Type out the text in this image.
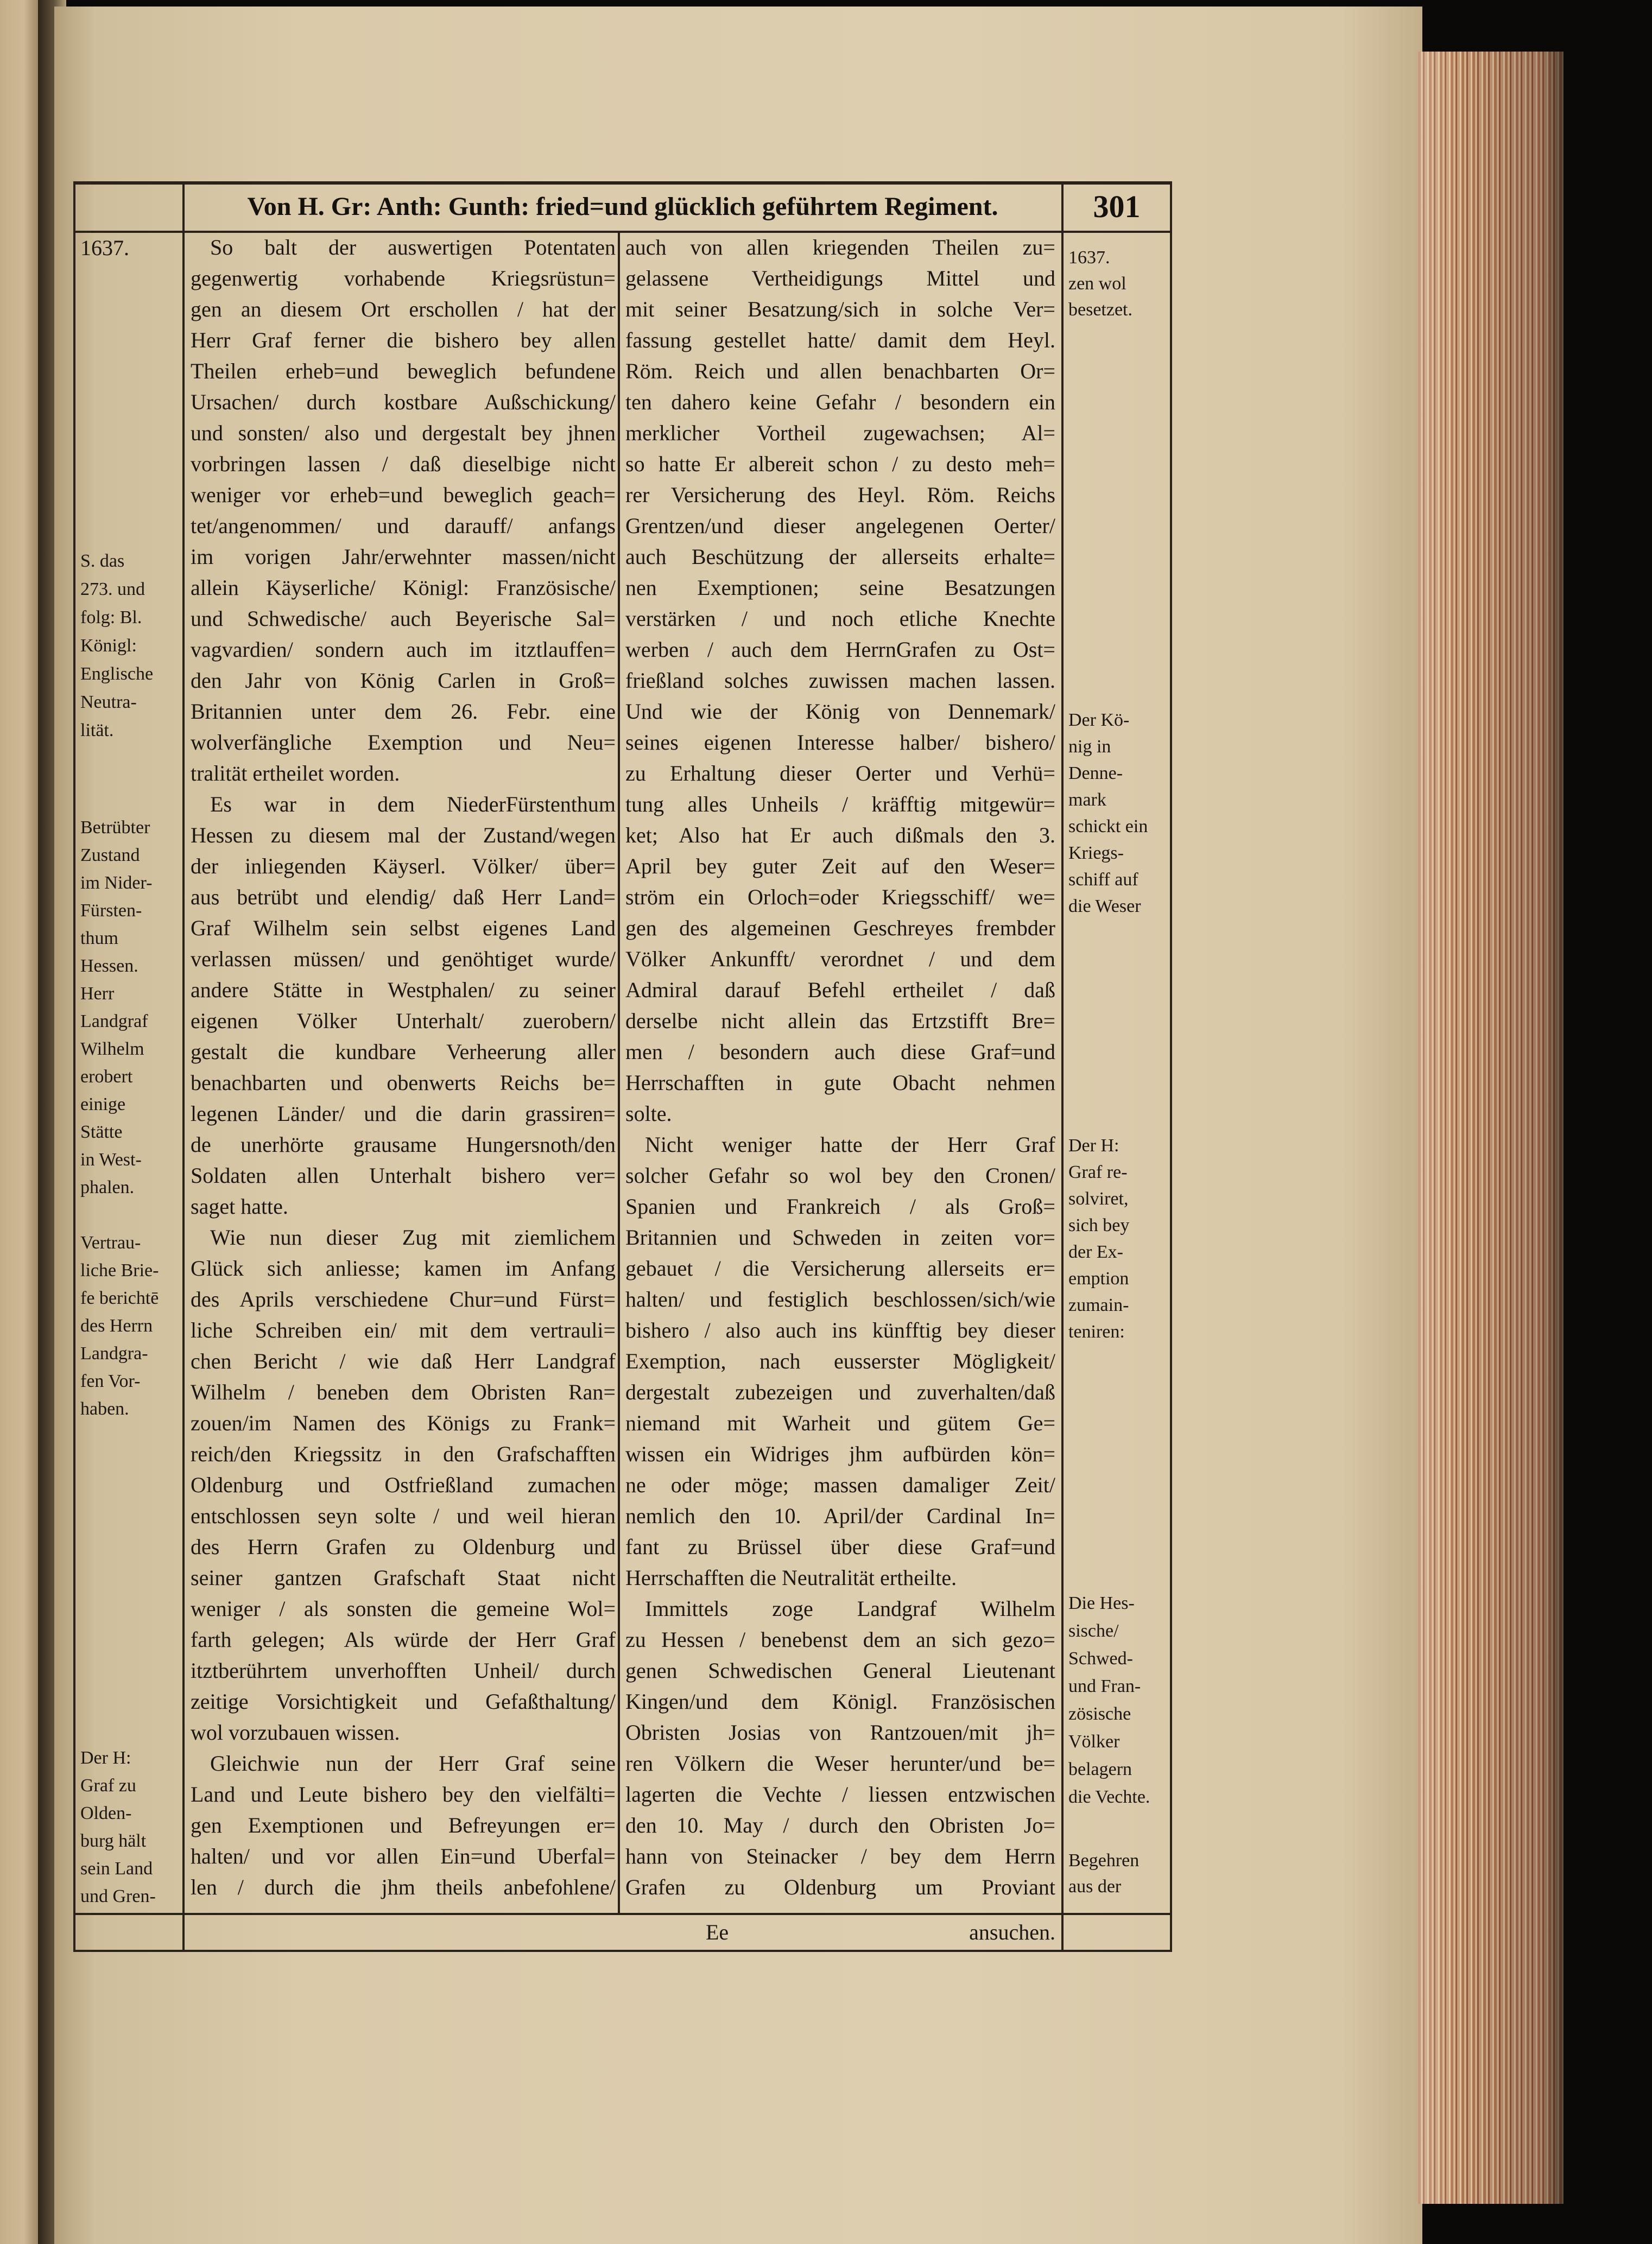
Von H. Gr: Anth: Gunth: fried=und glücklich geführtem Regiment.	301
So balt der auswertigen Potentaten
gegenwertig vorhabende Kriegsrüstun=
gen an diesem Ort erschollen / hat der
Herr Graf ferner die bishero bey allen
Theilen erheb=und beweglich befundene
Ursachen/ durch kostbare Außschickung/
und sonsten/ also und dergestalt bey jhnen
vorbringen lassen / daß dieselbige nicht
weniger vor erheb=und beweglich geach=
tet/angenommen/ und darauff/ anfangs
im vorigen Jahr/erwehnter massen/nicht
allein Käyserliche/ Königl: Französische/
und Schwedische/ auch Beyerische Sal=
vagvardien/ sondern auch im itztlauffen=
den Jahr von König Carlen in Groß=
Britannien unter dem 26. Febr. eine
wolverfängliche Exemption und Neu=
tralität ertheilet worden.
Es war in dem NiederFürstenthum
Hessen zu diesem mal der Zustand/wegen
der inliegenden Käyserl. Völker/ über=
aus betrübt und elendig/ daß Herr Land=
Graf Wilhelm sein selbst eigenes Land
verlassen müssen/ und genöhtiget wurde/
andere Stätte in Westphalen/ zu seiner
eigenen Völker Unterhalt/ zuerobern/
gestalt die kundbare Verheerung aller
benachbarten und obenwerts Reichs be=
legenen Länder/ und die darin grassiren=
de unerhörte grausame Hungersnoth/den
Soldaten allen Unterhalt bishero ver=
saget hatte.
Wie nun dieser Zug mit ziemlichem
Glück sich anliesse; kamen im Anfang
des Aprils verschiedene Chur=und Fürst=
liche Schreiben ein/ mit dem vertrauli=
chen Bericht / wie daß Herr Landgraf
Wilhelm / beneben dem Obristen Ran=
zouen/im Namen des Königs zu Frank=
reich/den Kriegssitz in den Grafschafften
Oldenburg und Ostfrießland zumachen
entschlossen seyn solte / und weil hieran
des Herrn Grafen zu Oldenburg und
seiner gantzen Grafschaft Staat nicht
weniger / als sonsten die gemeine Wol=
farth gelegen; Als würde der Herr Graf
itztberührtem unverhofften Unheil/ durch
zeitige Vorsichtigkeit und Gefaßthaltung/
wol vorzubauen wissen.
Gleichwie nun der Herr Graf seine
Land und Leute bishero bey den vielfälti=
gen Exemptionen und Befreyungen er=
halten/ und vor allen Ein=und Uberfal=
len / durch die jhm theils anbefohlene/
auch von allen kriegenden Theilen zu=
gelassene Vertheidigungs Mittel und
mit seiner Besatzung/sich in solche Ver=
fassung gestellet hatte/ damit dem Heyl.
Röm. Reich und allen benachbarten Or=
ten dahero keine Gefahr / besondern ein
merklicher Vortheil zugewachsen; Al=
so hatte Er albereit schon / zu desto meh=
rer Versicherung des Heyl. Röm. Reichs
Grentzen/und dieser angelegenen Oerter/
auch Beschützung der allerseits erhalte=
nen Exemptionen; seine Besatzungen
verstärken / und noch etliche Knechte
werben / auch dem HerrnGrafen zu Ost=
frießland solches zuwissen machen lassen.
Und wie der König von Dennemark/
seines eigenen Interesse halber/ bishero/
zu Erhaltung dieser Oerter und Verhü=
tung alles Unheils / kräfftig mitgewür=
ket; Also hat Er auch dißmals den 3.
April bey guter Zeit auf den Weser=
ström ein Orloch=oder Kriegsschiff/ we=
gen des algemeinen Geschreyes frembder
Völker Ankunfft/ verordnet / und dem
Admiral darauf Befehl ertheilet / daß
derselbe nicht allein das Ertzstifft Bre=
men / besondern auch diese Graf=und
Herrschafften in gute Obacht nehmen
solte.
Nicht weniger hatte der Herr Graf
solcher Gefahr so wol bey den Cronen/
Spanien und Frankreich / als Groß=
Britannien und Schweden in zeiten vor=
gebauet / die Versicherung allerseits er=
halten/ und festiglich beschlossen/sich/wie
bishero / also auch ins künfftig bey dieser
Exemption, nach eusserster Mögligkeit/
dergestalt zubezeigen und zuverhalten/daß
niemand mit Warheit und gütem Ge=
wissen ein Widriges jhm aufbürden kön=
ne oder möge; massen damaliger Zeit/
nemlich den 10. April/der Cardinal In=
fant zu Brüssel über diese Graf=und
Herrschafften die Neutralität ertheilte.
Immittels zoge Landgraf Wilhelm
zu Hessen / benebenst dem an sich gezo=
genen Schwedischen General Lieutenant
Kingen/und dem Königl. Französischen
Obristen Josias von Rantzouen/mit jh=
ren Völkern die Weser herunter/und be=
lagerten die Vechte / liessen entzwischen
den 10. May / durch den Obristen Jo=
hann von Steinacker / bey dem Herrn
Grafen zu Oldenburg um Proviant
1637.
S. das
273. und
folg: Bl.
Königl:
Englische
Neutra-
lität.
Betrübter
Zustand
im Nider-
Fürsten-
thum
Hessen.
Herr
Landgraf
Wilhelm
erobert
einige
Stätte
in West-
phalen.
Vertrau-
liche Brie-
fe berichtē
des Herrn
Landgra-
fen Vor-
haben.
Der H:
Graf zu
Olden-
burg hält
sein Land
und Gren-
1637.
zen wol
besetzet.
Der Kö-
nig in
Denne-
mark
schickt ein
Kriegs-
schiff auf
die Weser
Der H:
Graf re-
solviret,
sich bey
der Ex-
emption
zumain-
teniren:
Die Hes-
sische/
Schwed-
und Fran-
zösische
Völker
belagern
die Vechte.
Begehren
aus der
Ee	ansuchen.
